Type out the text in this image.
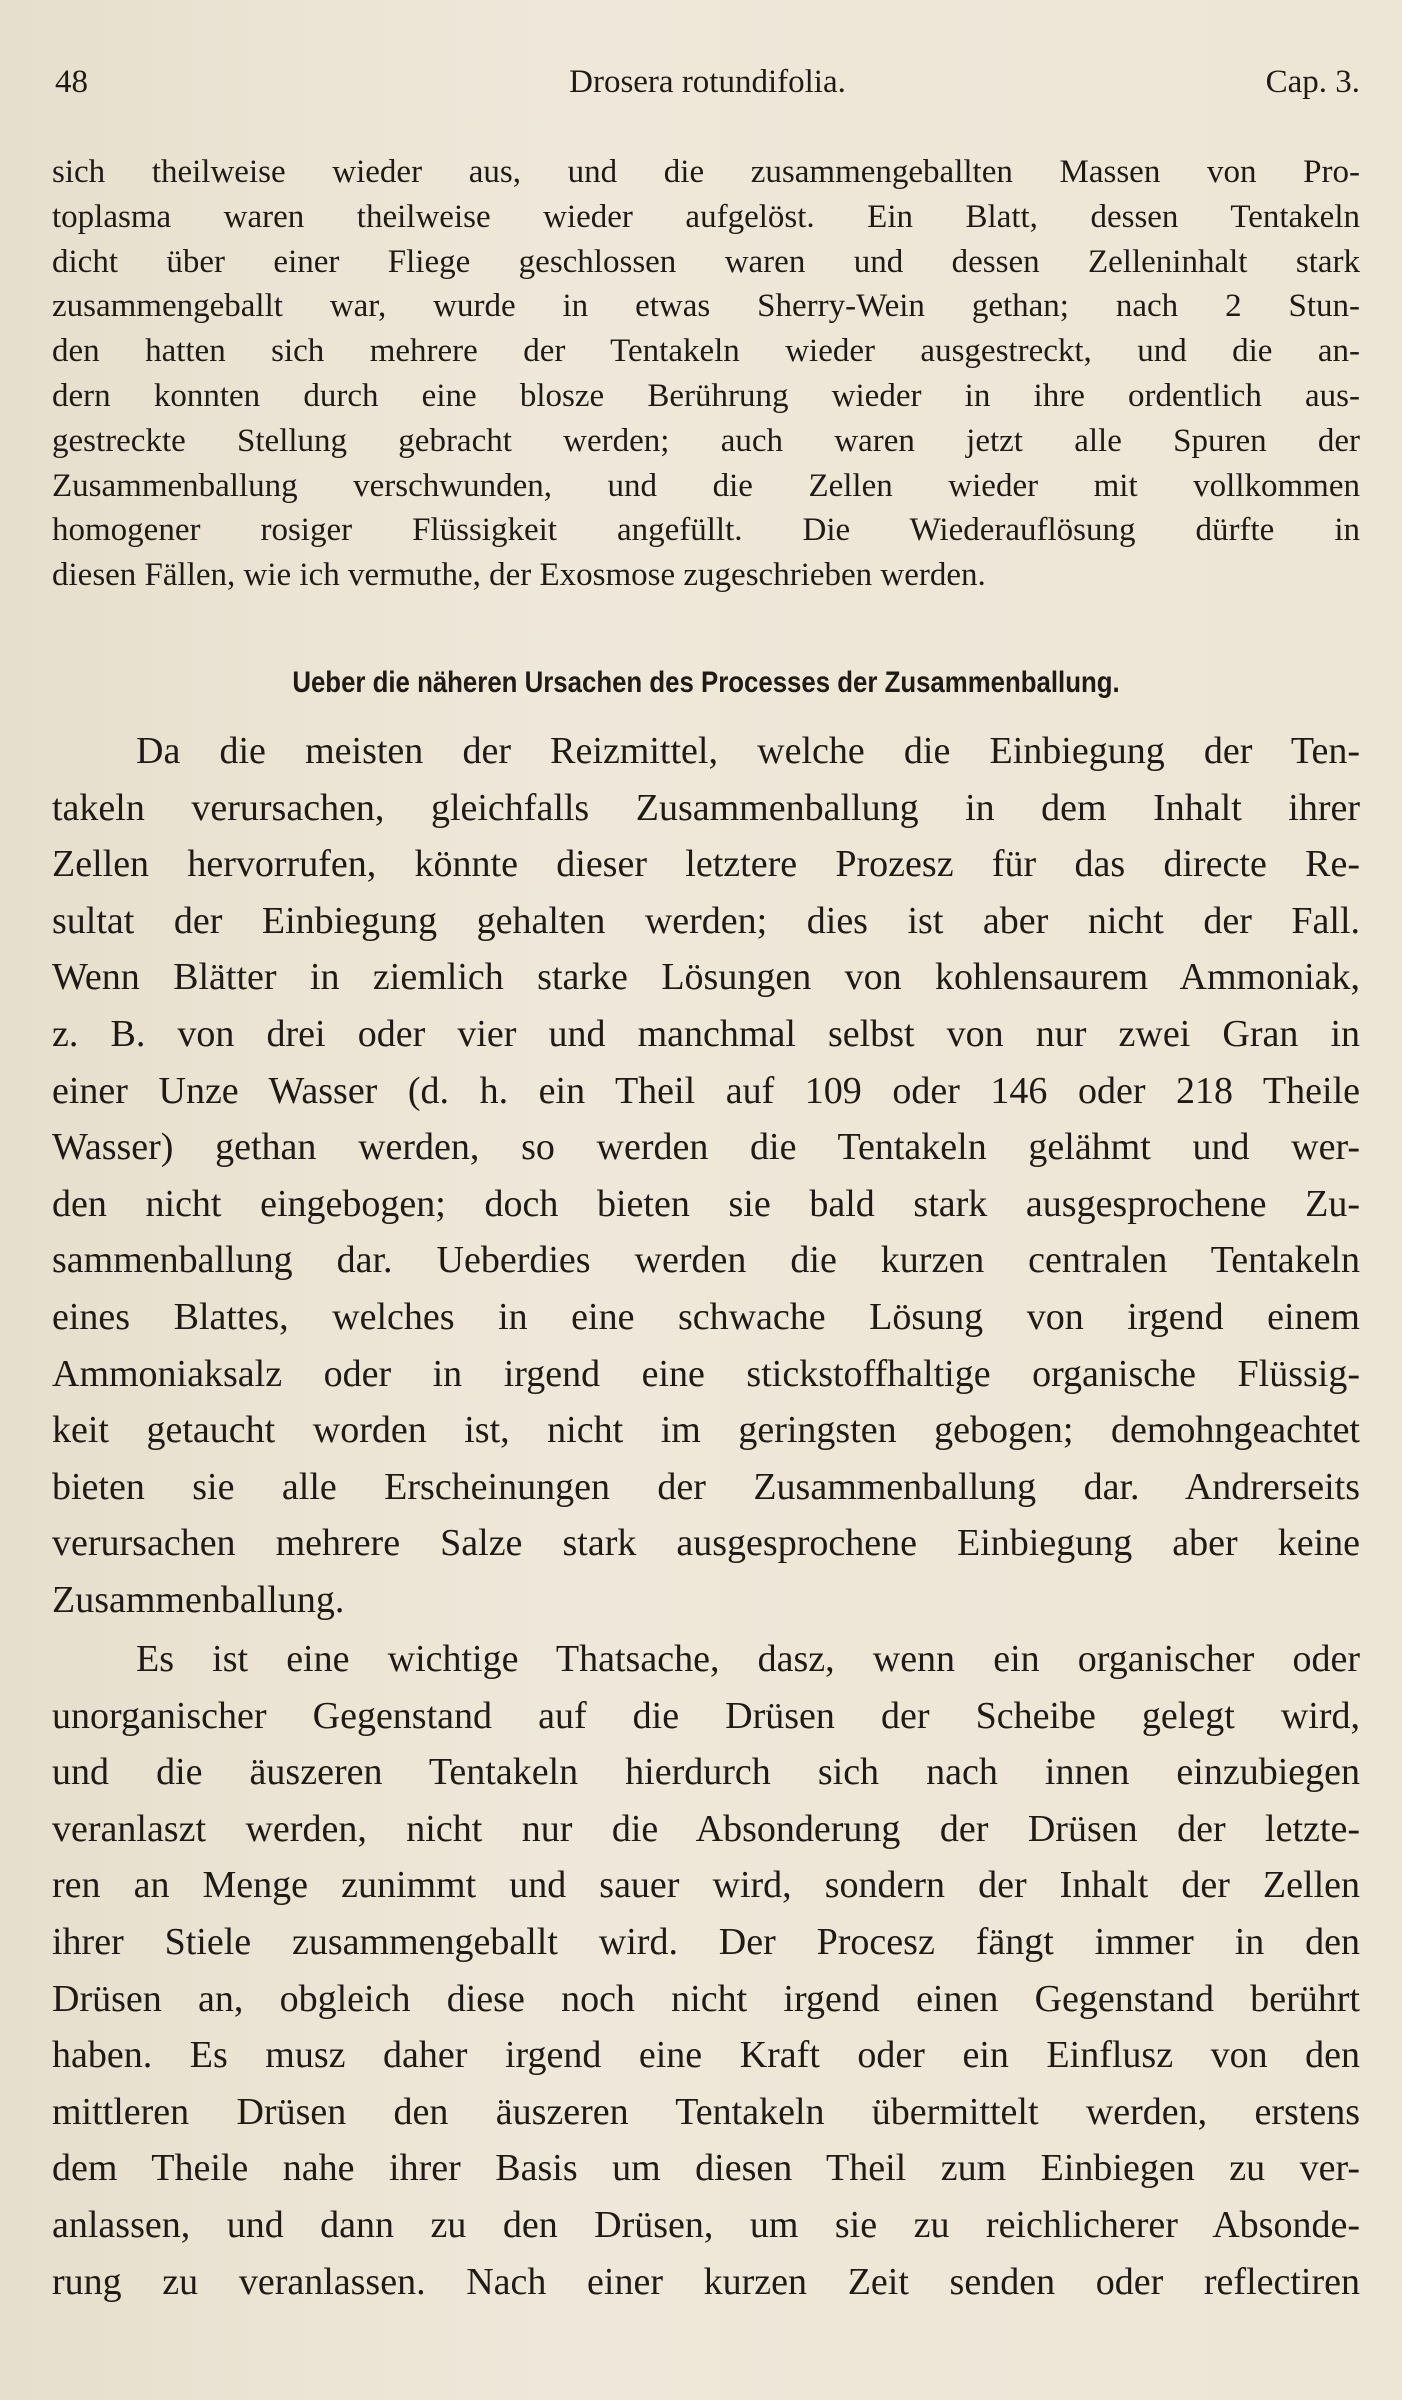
48	Drosera rotundifolia.	Cap. 3.
sich theilweise wieder aus, und die zusammengeballten Massen von Pro-
toplasma waren theilweise wieder aufgelöst. Ein Blatt, dessen Tentakeln
dicht über einer Fliege geschlossen waren und dessen Zelleninhalt stark
zusammengeballt war, wurde in etwas Sherry-Wein gethan; nach 2 Stun-
den hatten sich mehrere der Tentakeln wieder ausgestreckt, und die an-
dern konnten durch eine blosze Berührung wieder in ihre ordentlich aus-
gestreckte Stellung gebracht werden; auch waren jetzt alle Spuren der
Zusammenballung verschwunden, und die Zellen wieder mit vollkommen
homogener rosiger Flüssigkeit angefüllt. Die Wiederauflösung dürfte in
diesen Fällen, wie ich vermuthe, der Exosmose zugeschrieben werden.
Ueber die näheren Ursachen des Processes der Zusammenballung.
Da die meisten der Reizmittel, welche die Einbiegung der Ten-
takeln verursachen, gleichfalls Zusammenballung in dem Inhalt ihrer
Zellen hervorrufen, könnte dieser letztere Prozesz für das directe Re-
sultat der Einbiegung gehalten werden; dies ist aber nicht der Fall.
Wenn Blätter in ziemlich starke Lösungen von kohlensaurem Ammoniak,
z. B. von drei oder vier und manchmal selbst von nur zwei Gran in
einer Unze Wasser (d. h. ein Theil auf 109 oder 146 oder 218 Theile
Wasser) gethan werden, so werden die Tentakeln gelähmt und wer-
den nicht eingebogen; doch bieten sie bald stark ausgesprochene Zu-
sammenballung dar. Ueberdies werden die kurzen centralen Tentakeln
eines Blattes, welches in eine schwache Lösung von irgend einem
Ammoniaksalz oder in irgend eine stickstoffhaltige organische Flüssig-
keit getaucht worden ist, nicht im geringsten gebogen; demohngeachtet
bieten sie alle Erscheinungen der Zusammenballung dar. Andrerseits
verursachen mehrere Salze stark ausgesprochene Einbiegung aber keine
Zusammenballung.
Es ist eine wichtige Thatsache, dasz, wenn ein organischer oder
unorganischer Gegenstand auf die Drüsen der Scheibe gelegt wird,
und die äuszeren Tentakeln hierdurch sich nach innen einzubiegen
veranlaszt werden, nicht nur die Absonderung der Drüsen der letzte-
ren an Menge zunimmt und sauer wird, sondern der Inhalt der Zellen
ihrer Stiele zusammengeballt wird. Der Procesz fängt immer in den
Drüsen an, obgleich diese noch nicht irgend einen Gegenstand berührt
haben. Es musz daher irgend eine Kraft oder ein Einflusz von den
mittleren Drüsen den äuszeren Tentakeln übermittelt werden, erstens
dem Theile nahe ihrer Basis um diesen Theil zum Einbiegen zu ver-
anlassen, und dann zu den Drüsen, um sie zu reichlicherer Absonde-
rung zu veranlassen. Nach einer kurzen Zeit senden oder reflectiren
